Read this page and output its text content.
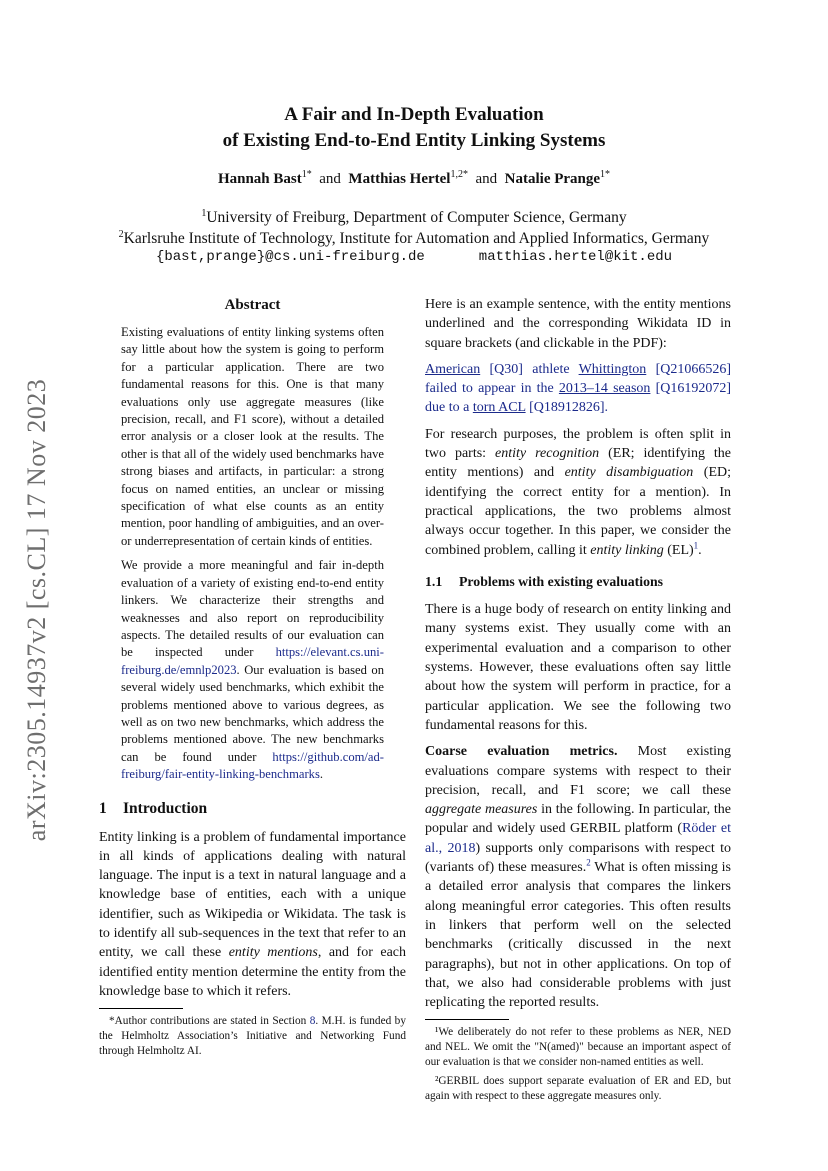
arXiv:2305.14937v2 [cs.CL] 17 Nov 2023
A Fair and In-Depth Evaluation
of Existing End-to-End Entity Linking Systems
Hannah Bast$^{1*}$ and Matthias Hertel$^{1,2*}$ and Natalie Prange$^{1*}$
$^1$University of Freiburg, Department of Computer Science, Germany
$^2$Karlsruhe Institute of Technology, Institute for Automation and Applied Informatics, Germany
{bast,prange}@cs.uni-freiburg.de	matthias.hertel@kit.edu
Abstract

Existing evaluations of entity linking systems often say little about how the system is going to perform for a particular application. There are two fundamental reasons for this. One is that many evaluations only use aggregate measures (like precision, recall, and F1 score), without a detailed error analysis or a closer look at the results. The other is that all of the widely used benchmarks have strong biases and artifacts, in particular: a strong focus on named entities, an unclear or missing specification of what else counts as an entity mention, poor handling of ambiguities, and an over- or underrepresentation of certain kinds of entities.

We provide a more meaningful and fair in-depth evaluation of a variety of existing end-to-end entity linkers. We characterize their strengths and weaknesses and also report on reproducibility aspects. The detailed results of our evaluation can be inspected under https://elevant.cs.uni-freiburg.de/emnlp2023. Our evaluation is based on several widely used benchmarks, which exhibit the problems mentioned above to various degrees, as well as on two new benchmarks, which address the problems mentioned above. The new benchmarks can be found under https://github.com/ad-freiburg/fair-entity-linking-benchmarks.

1 Introduction

Entity linking is a problem of fundamental importance in all kinds of applications dealing with natural language. The input is a text in natural language and a knowledge base of entities, each with a unique identifier, such as Wikipedia or Wikidata. The task is to identify all sub-sequences in the text that refer to an entity, we call these entity mentions, and for each identified entity mention determine the entity from the knowledge base to which it refers.

*Author contributions are stated in Section 8. M.H. is funded by the Helmholtz Association’s Initiative and Networking Fund through Helmholtz AI.

Here is an example sentence, with the entity mentions underlined and the corresponding Wikidata ID in square brackets (and clickable in the PDF):

American [Q30] athlete Whittington [Q21066526] failed to appear in the 2013–14 season [Q16192072] due to a torn ACL [Q18912826].

For research purposes, the problem is often split in two parts: entity recognition (ER; identifying the entity mentions) and entity disambiguation (ED; identifying the correct entity for a mention). In practical applications, the two problems almost always occur together. In this paper, we consider the combined problem, calling it entity linking (EL)$^1$.

1.1 Problems with existing evaluations

There is a huge body of research on entity linking and many systems exist. They usually come with an experimental evaluation and a comparison to other systems. However, these evaluations often say little about how the system will perform in practice, for a particular application. We see the following two fundamental reasons for this.

Coarse evaluation metrics. Most existing evaluations compare systems with respect to their precision, recall, and F1 score; we call these aggregate measures in the following. In particular, the popular and widely used GERBIL platform (Röder et al., 2018) supports only comparisons with respect to (variants of) these measures.$^2$ What is often missing is a detailed error analysis that compares the linkers along meaningful error categories. This often results in linkers that perform well on the selected benchmarks (critically discussed in the next paragraphs), but not in other applications. On top of that, we also had considerable problems with just replicating the reported results.

¹We deliberately do not refer to these problems as NER, NED and NEL. We omit the "N(amed)" because an important aspect of our evaluation is that we consider non-named entities as well.

²GERBIL does support separate evaluation of ER and ED, but again with respect to these aggregate measures only.
